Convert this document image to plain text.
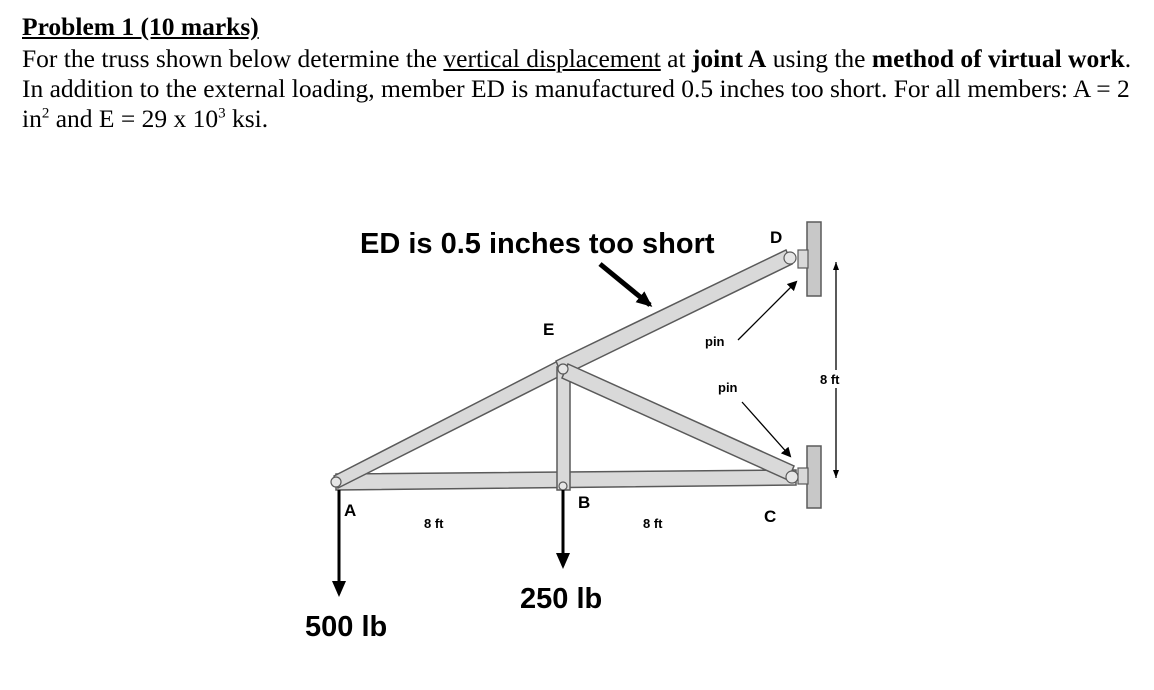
Problem 1 (10 marks)

For the truss shown below determine the vertical displacement at joint A using the method of virtual work. In addition to the external loading, member ED is manufactured 0.5 inches too short. For all members: A = 2 $in^2$ and E = 29 x $10^3$ ksi.

ED is 0.5 inches too short
A	B
C
D
E
pin
pin
8 ft	8 ft
8 ft
500 lb
250 lb
